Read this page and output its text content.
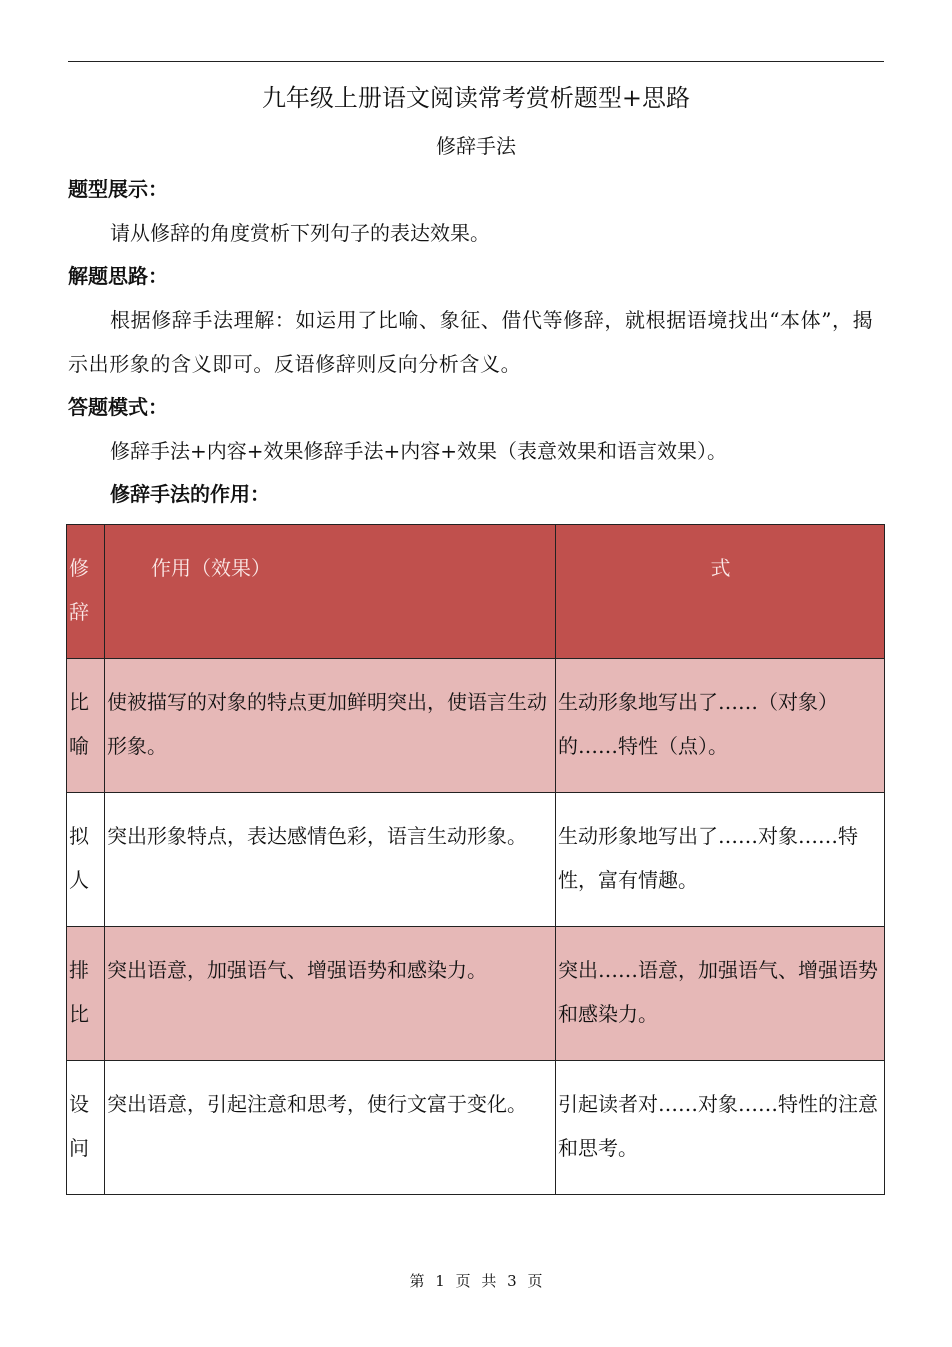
九年级上册语文阅读常考赏析题型+思路
修辞手法
题型展示：
请从修辞的角度赏析下列句子的表达效果。
解题思路：
根据修辞手法理解：如运用了比喻、象征、借代等修辞，就根据语境找出“本体”，揭示出形象的含义即可。反语修辞则反向分析含义。
答题模式：
修辞手法+内容+效果修辞手法+内容+效果（表意效果和语言效果）。
修辞手法的作用：
修辞	作用（效果）	式
比喻	使被描写的对象的特点更加鲜明突出，使语言生动形象。	生动形象地写出了……（对象）的……特性（点）。
拟人	突出形象特点，表达感情色彩，语言生动形象。	生动形象地写出了……对象……特性，富有情趣。
排比	突出语意，加强语气、增强语势和感染力。	突出……语意，加强语气、增强语势和感染力。
设问	突出语意，引起注意和思考，使行文富于变化。	引起读者对……对象……特性的注意和思考。
第 1 页 共 3 页
